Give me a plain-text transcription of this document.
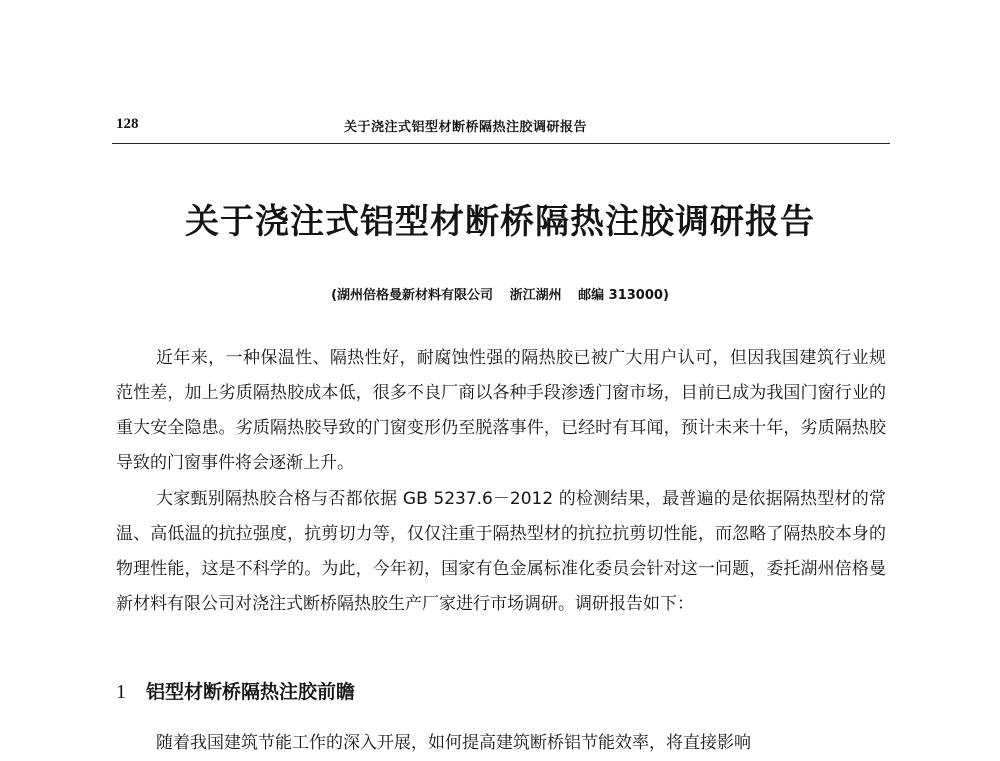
128	关于浇注式铝型材断桥隔热注胶调研报告
关于浇注式铝型材断桥隔热注胶调研报告
(湖州倍格曼新材料有限公司 浙江湖州 邮编 313000)

近年来，一种保温性、隔热性好，耐腐蚀性强的隔热胶已被广大用户认可，但因我国建筑行业规范性差，加上劣质隔热胶成本低，很多不良厂商以各种手段渗透门窗市场，目前已成为我国门窗行业的重大安全隐患。劣质隔热胶导致的门窗变形仍至脱落事件，已经时有耳闻，预计未来十年，劣质隔热胶导致的门窗事件将会逐渐上升。

大家甄别隔热胶合格与否都依据 GB 5237.6－2012 的检测结果，最普遍的是依据隔热型材的常温、高低温的抗拉强度，抗剪切力等，仅仅注重于隔热型材的抗拉抗剪切性能，而忽略了隔热胶本身的物理性能，这是不科学的。为此，今年初，国家有色金属标准化委员会针对这一问题，委托湖州倍格曼新材料有限公司对浇注式断桥隔热胶生产厂家进行市场调研。调研报告如下：

1 铝型材断桥隔热注胶前瞻

随着我国建筑节能工作的深入开展，如何提高建筑断桥铝节能效率，将直接影响
